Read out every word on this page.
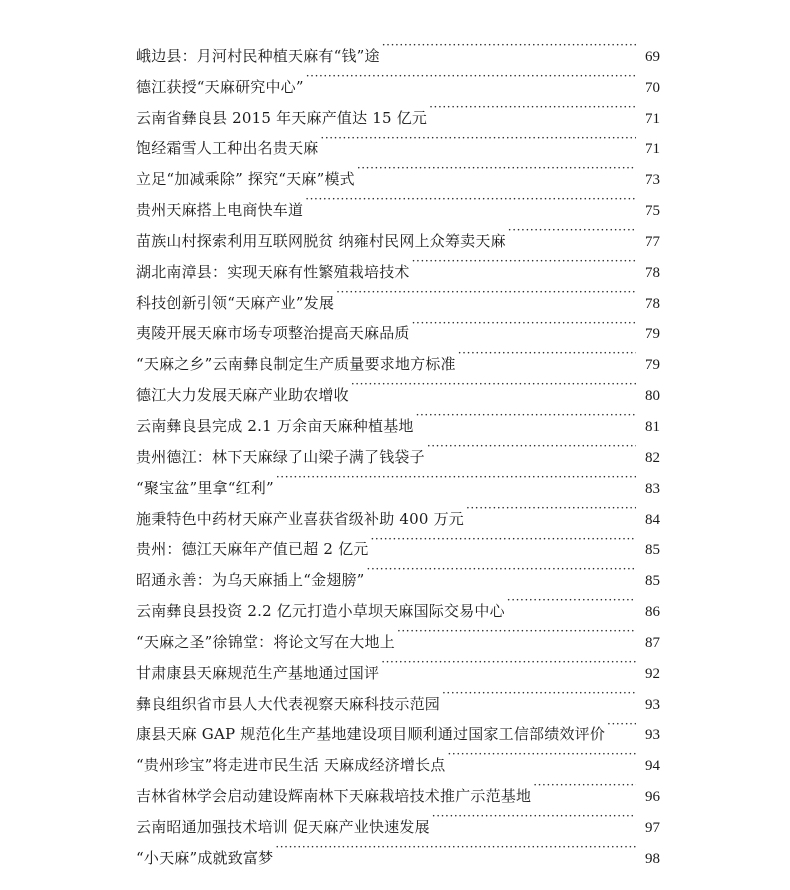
峨边县：月河村民种植天麻有“钱”途 ·····	69
德江获授“天麻研究中心” ·····	70
云南省彝良县 2015 年天麻产值达 15 亿元 ·····	71
饱经霜雪人工种出名贵天麻 ·····	71
立足“加减乘除” 探究“天麻”模式 ·····	73
贵州天麻搭上电商快车道 ·····	75
苗族山村探索利用互联网脱贫 纳雍村民网上众筹卖天麻 ·····	77
湖北南漳县：实现天麻有性繁殖栽培技术 ·····	78
科技创新引领“天麻产业”发展 ·····	78
夷陵开展天麻市场专项整治提高天麻品质 ·····	79
“天麻之乡”云南彝良制定生产质量要求地方标准 ·····	79
德江大力发展天麻产业助农增收 ·····	80
云南彝良县完成 2.1 万余亩天麻种植基地 ·····	81
贵州德江：林下天麻绿了山梁子满了钱袋子 ·····	82
“聚宝盆”里拿“红利” ·····	83
施秉特色中药材天麻产业喜获省级补助 400 万元 ·····	84
贵州：德江天麻年产值已超 2 亿元 ·····	85
昭通永善：为乌天麻插上“金翅膀” ·····	85
云南彝良县投资 2.2 亿元打造小草坝天麻国际交易中心 ·····	86
“天麻之圣”徐锦堂：将论文写在大地上 ·····	87
甘肃康县天麻规范生产基地通过国评 ·····	92
彝良组织省市县人大代表视察天麻科技示范园 ·····	93
康县天麻 GAP 规范化生产基地建设项目顺利通过国家工信部绩效评价 ·····	93
“贵州珍宝”将走进市民生活 天麻成经济增长点 ·····	94
吉林省林学会启动建设辉南林下天麻栽培技术推广示范基地 ·····	96
云南昭通加强技术培训 促天麻产业快速发展 ·····	97
“小天麻”成就致富梦 ·····	98
